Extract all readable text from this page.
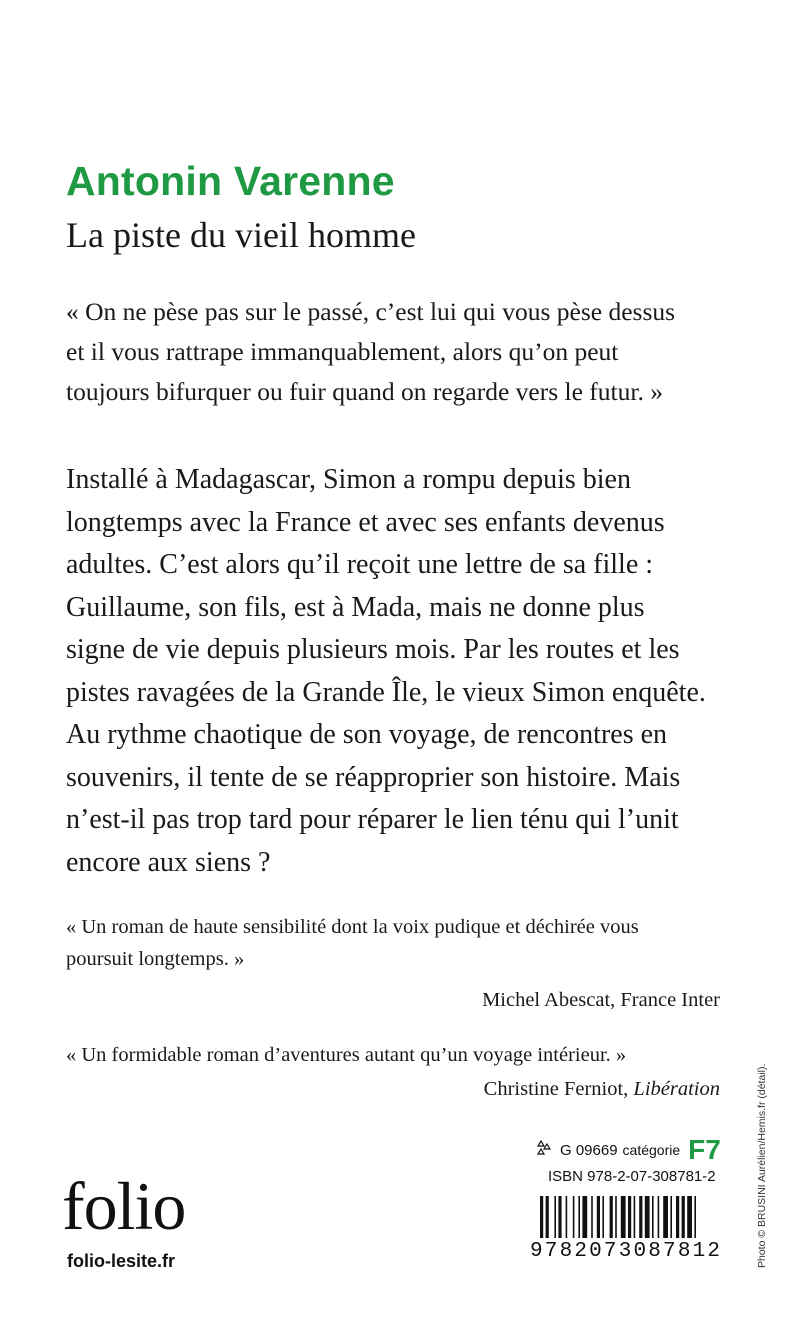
Antonin Varenne
La piste du vieil homme

« On ne pèse pas sur le passé, c’est lui qui vous pèse dessus
et il vous rattrape immanquablement, alors qu’on peut
toujours bifurquer ou fuir quand on regarde vers le futur. »

Installé à Madagascar, Simon a rompu depuis bien
longtemps avec la France et avec ses enfants devenus
adultes. C’est alors qu’il reçoit une lettre de sa fille :
Guillaume, son fils, est à Mada, mais ne donne plus
signe de vie depuis plusieurs mois. Par les routes et les
pistes ravagées de la Grande Île, le vieux Simon enquête.
Au rythme chaotique de son voyage, de rencontres en
souvenirs, il tente de se réapproprier son histoire. Mais
n’est-il pas trop tard pour réparer le lien ténu qui l’unit
encore aux siens ?

« Un roman de haute sensibilité dont la voix pudique et déchirée vous
poursuit longtemps. »
Michel Abescat, France Inter
« Un formidable roman d’aventures autant qu’un voyage intérieur. »
Christine Ferniot, Libération	Photo © BRUSINI Aurélien/Hemis.fr (détail).
folio
folio-lesite.fr
G 09669 catégorie F7
ISBN 978-2-07-308781-2
9 7 8 2 0 7 3 0 8 7 8 1 2
